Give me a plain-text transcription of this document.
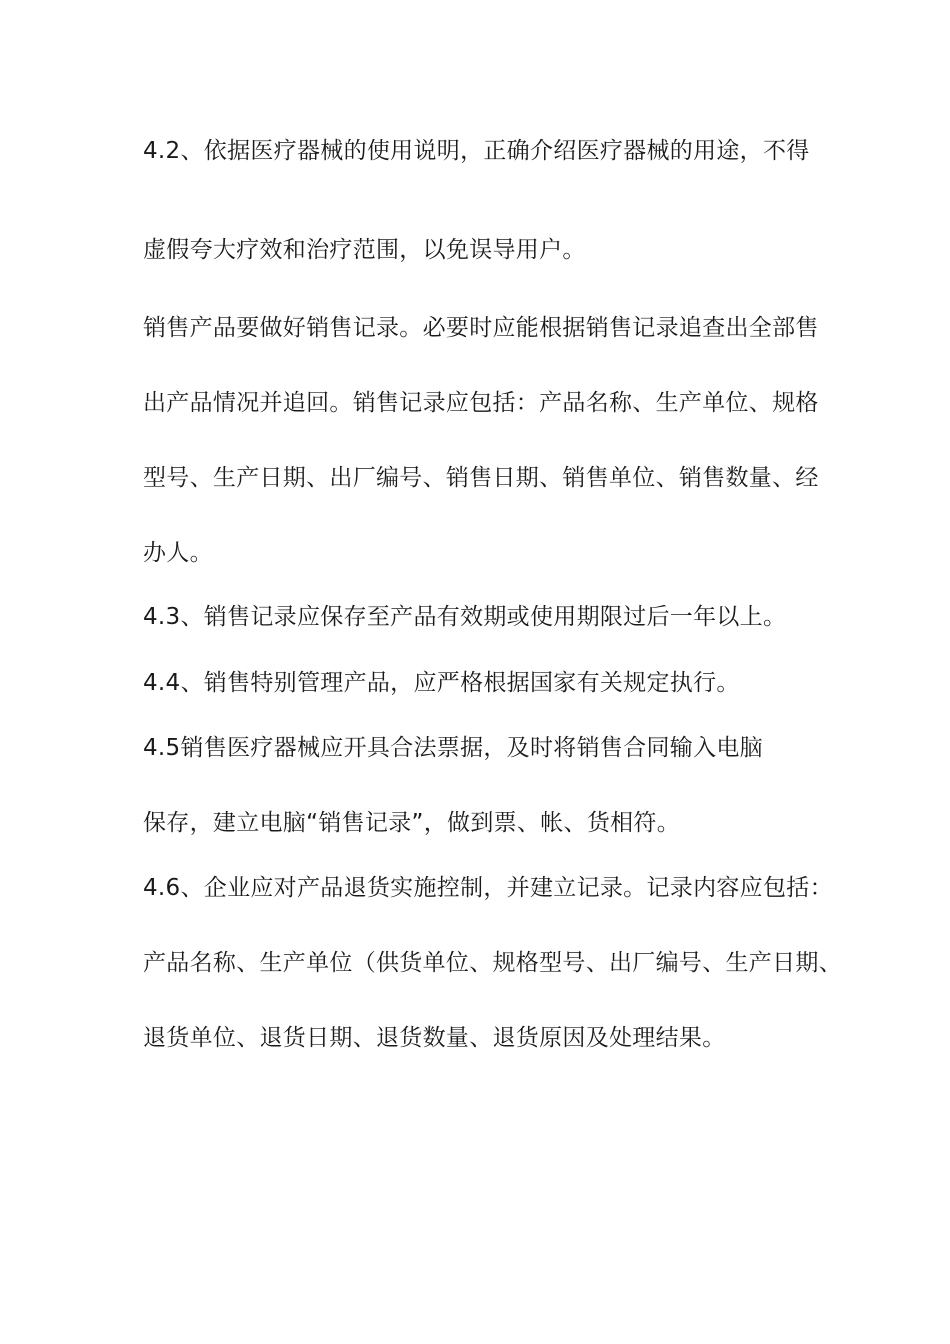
4.2、依据医疗器械的使用说明，正确介绍医疗器械的用途，不得
虚假夸大疗效和治疗范围，以免误导用户。
销售产品要做好销售记录。必要时应能根据销售记录追查出全部售
出产品情况并追回。销售记录应包括：产品名称、生产单位、规格
型号、生产日期、出厂编号、销售日期、销售单位、销售数量、经
办人。
4.3、销售记录应保存至产品有效期或使用期限过后一年以上。
4.4、销售特别管理产品，应严格根据国家有关规定执行。
4.5销售医疗器械应开具合法票据，及时将销售合同输入电脑
保存，建立电脑“销售记录”，做到票、帐、货相符。
4.6、企业应对产品退货实施控制，并建立记录。记录内容应包括：
产品名称、生产单位（供货单位、规格型号、出厂编号、生产日期、
退货单位、退货日期、退货数量、退货原因及处理结果。
